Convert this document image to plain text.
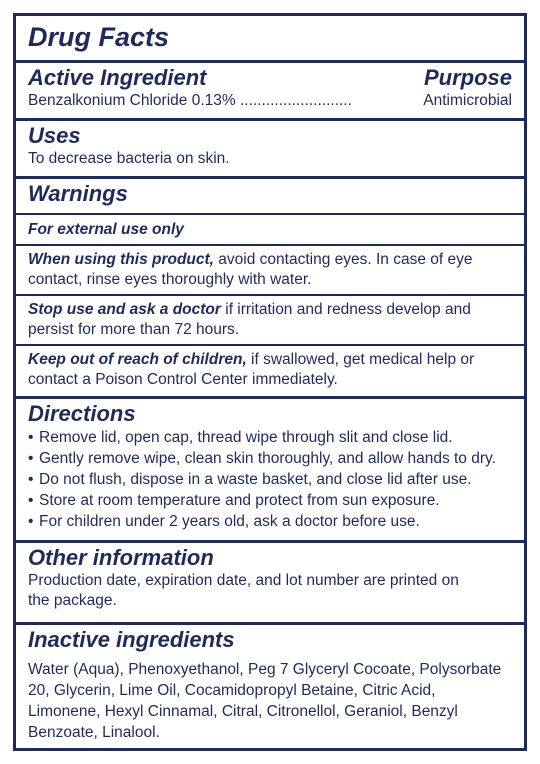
Drug Facts
Active Ingredient	Purpose
Benzalkonium Chloride 0.13% ..........................	Antimicrobial
Uses
To decrease bacteria on skin.
Warnings
For external use only
When using this product, avoid contacting eyes. In case of eye contact, rinse eyes thoroughly with water.
Stop use and ask a doctor if irritation and redness develop and persist for more than 72 hours.
Keep out of reach of children, if swallowed, get medical help or contact a Poison Control Center immediately.
Directions
• Remove lid, open cap, thread wipe through slit and close lid.
• Gently remove wipe, clean skin thoroughly, and allow hands to dry.
• Do not flush, dispose in a waste basket, and close lid after use.
• Store at room temperature and protect from sun exposure.
• For children under 2 years old, ask a doctor before use.
Other information
Production date, expiration date, and lot number are printed on the package.
Inactive ingredients
Water (Aqua), Phenoxyethanol, Peg 7 Glyceryl Cocoate, Polysorbate 20, Glycerin, Lime Oil, Cocamidopropyl Betaine, Citric Acid, Limonene, Hexyl Cinnamal, Citral, Citronellol, Geraniol, Benzyl Benzoate, Linalool.
